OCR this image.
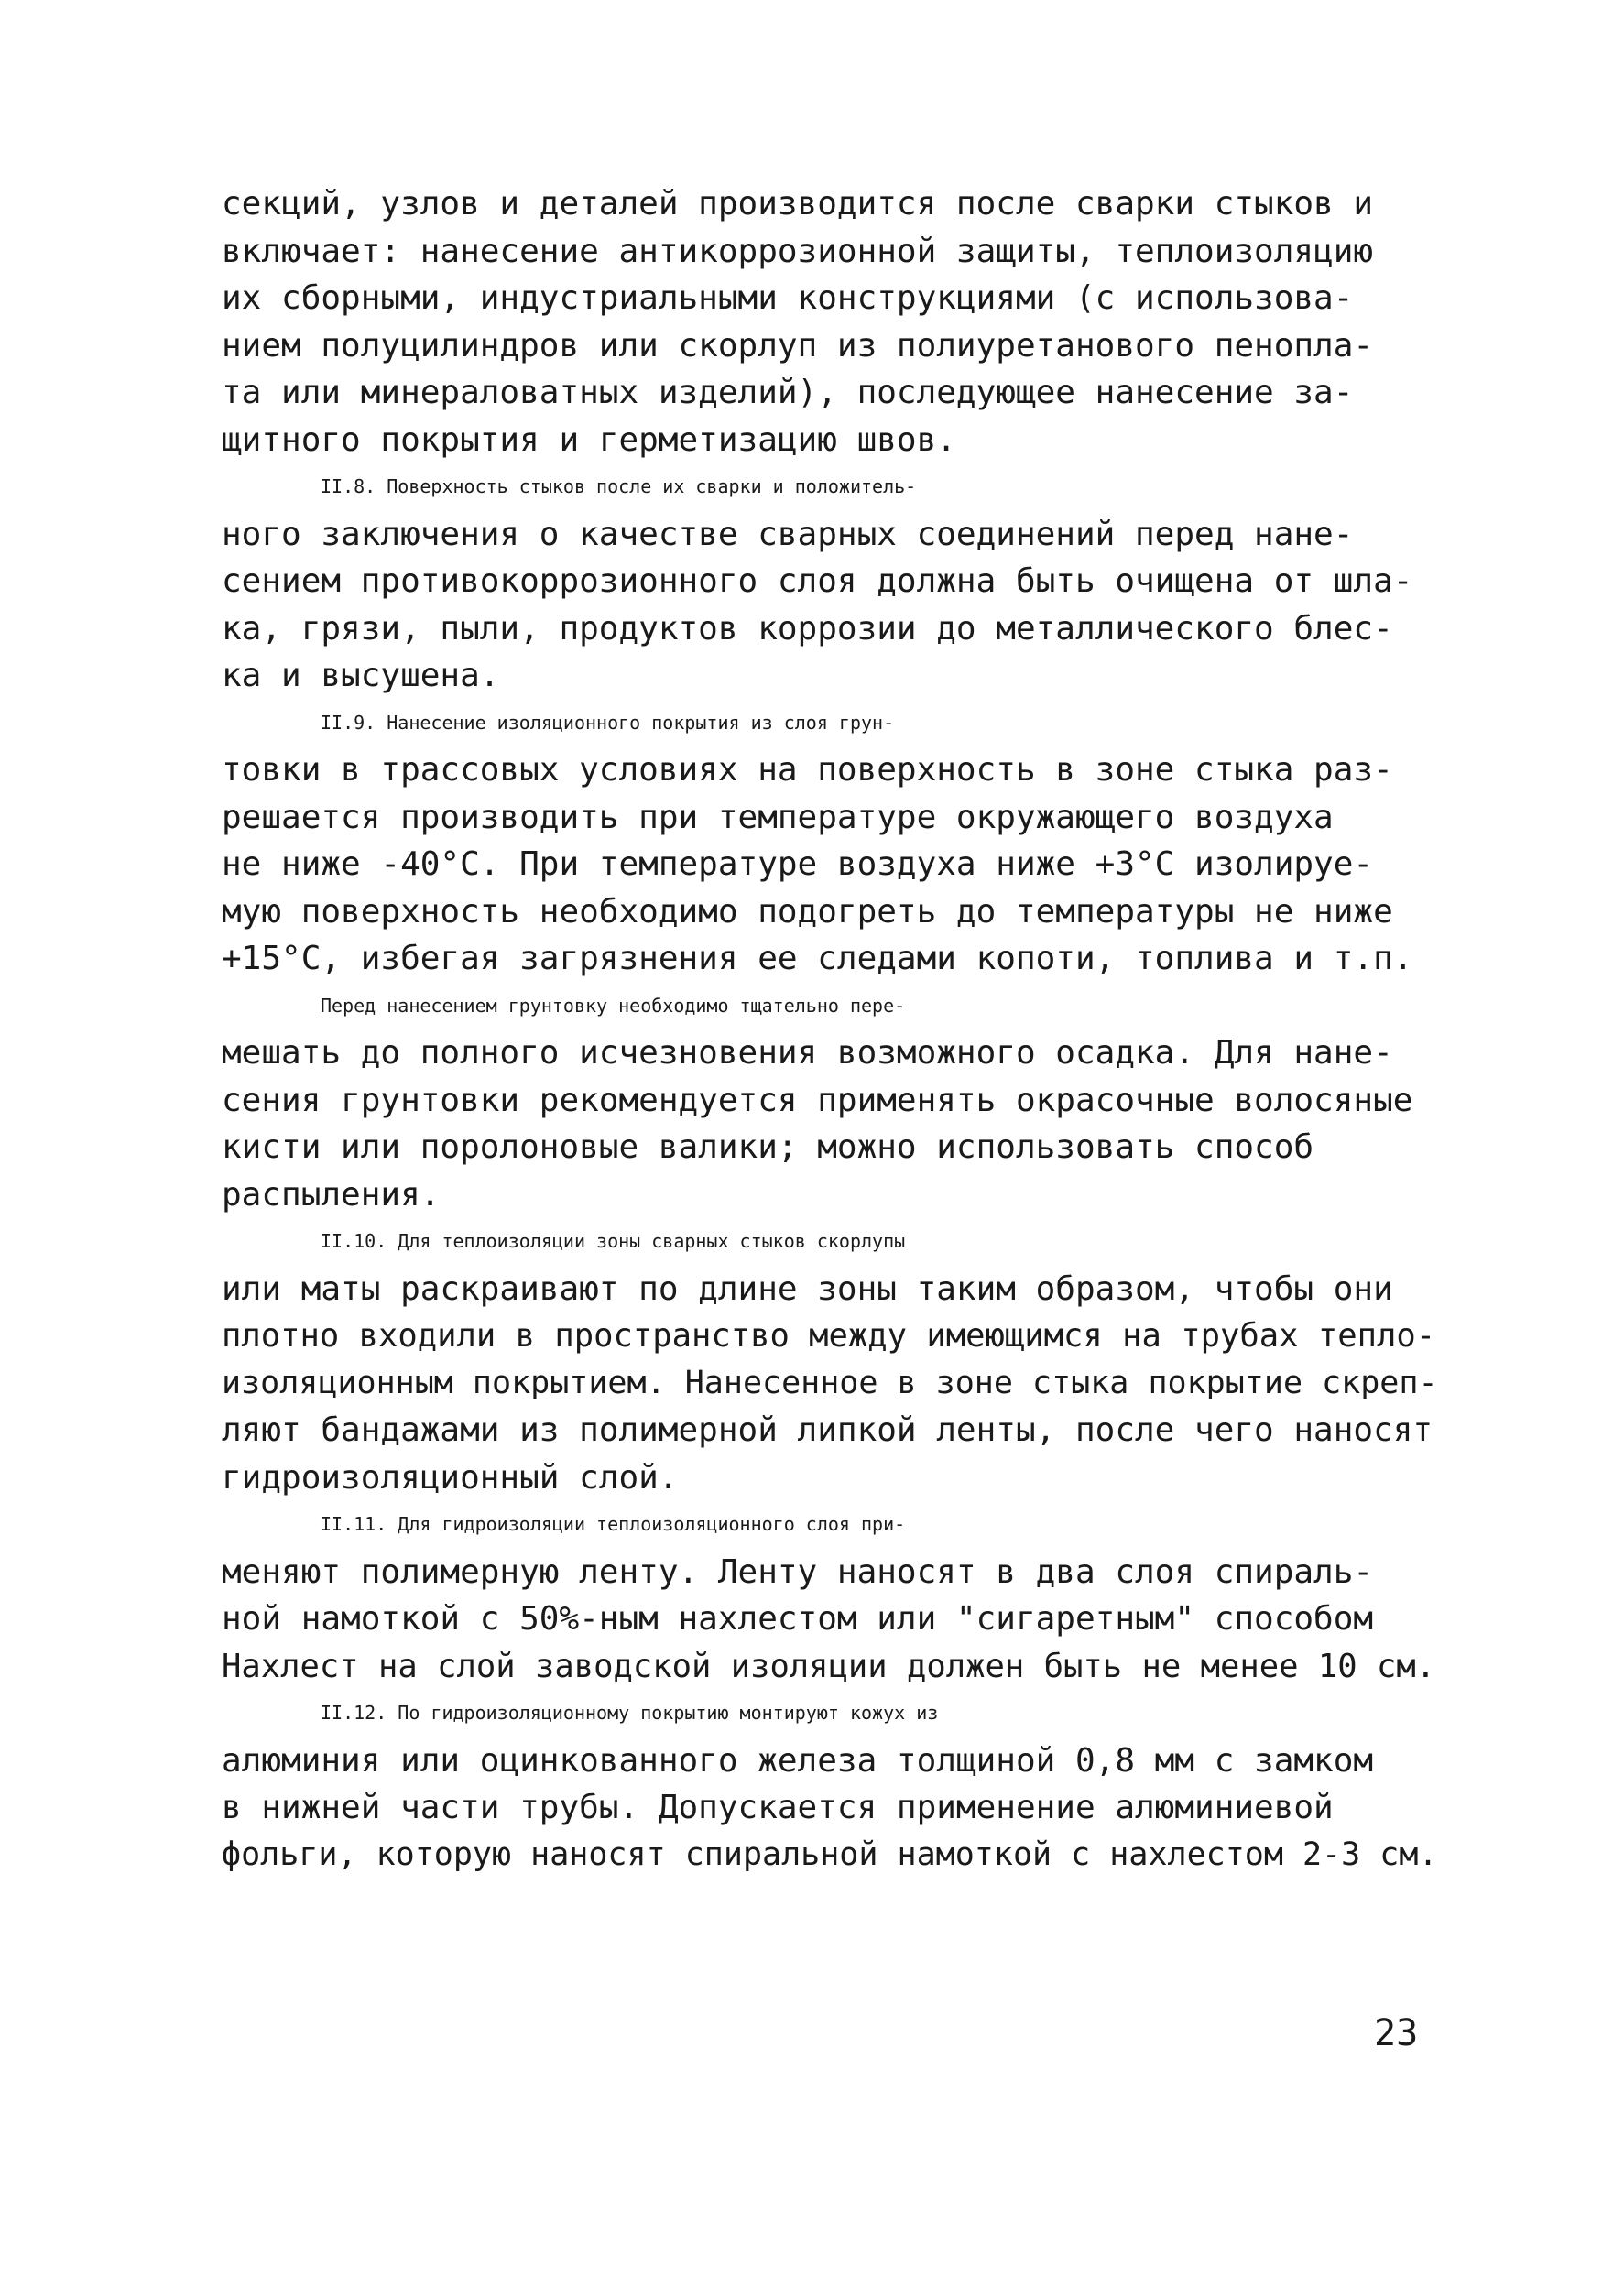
секций, узлов и деталей производится после сварки стыков и
включает: нанесение антикоррозионной защиты, теплоизоляцию
их сборными, индустриальными конструкциями (с использова-
нием полуцилиндров или скорлуп из полиуретанового пенопла-
та или минераловатных изделий), последующее нанесение за-
щитного покрытия и герметизацию швов.
II.8. Поверхность стыков после их сварки и положитель-
ного заключения о качестве сварных соединений перед нане-
сением противокоррозионного слоя должна быть очищена от шла-
ка, грязи, пыли, продуктов коррозии до металлического блес-
ка и высушена.
II.9. Нанесение изоляционного покрытия из слоя грун-
товки в трассовых условиях на поверхность в зоне стыка раз-
решается производить при температуре окружающего воздуха
не ниже -40°С. При температуре воздуха ниже +3°С изолируе-
мую поверхность необходимо подогреть до температуры не ниже
+15°С, избегая загрязнения ее следами копоти, топлива и т.п.
Перед нанесением грунтовку необходимо тщательно пере-
мешать до полного исчезновения возможного осадка. Для нане-
сения грунтовки рекомендуется применять окрасочные волосяные
кисти или поролоновые валики; можно использовать способ
распыления.
II.10. Для теплоизоляции зоны сварных стыков скорлупы
или маты раскраивают по длине зоны таким образом, чтобы они
плотно входили в пространство между имеющимся на трубах тепло-
изоляционным покрытием. Нанесенное в зоне стыка покрытие скреп-
ляют бандажами из полимерной липкой ленты, после чего наносят
гидроизоляционный слой.
II.11. Для гидроизоляции теплоизоляционного слоя при-
меняют полимерную ленту. Ленту наносят в два слоя спираль-
ной намоткой с 50%-ным нахлестом или "сигаретным" способом
Нахлест на слой заводской изоляции должен быть не менее 10 см.
II.12. По гидроизоляционному покрытию монтируют кожух из
алюминия или оцинкованного железа толщиной 0,8 мм с замком
в нижней части трубы. Допускается применение алюминиевой
фольги, которую наносят спиральной намоткой с нахлестом 2-3 см.
23
